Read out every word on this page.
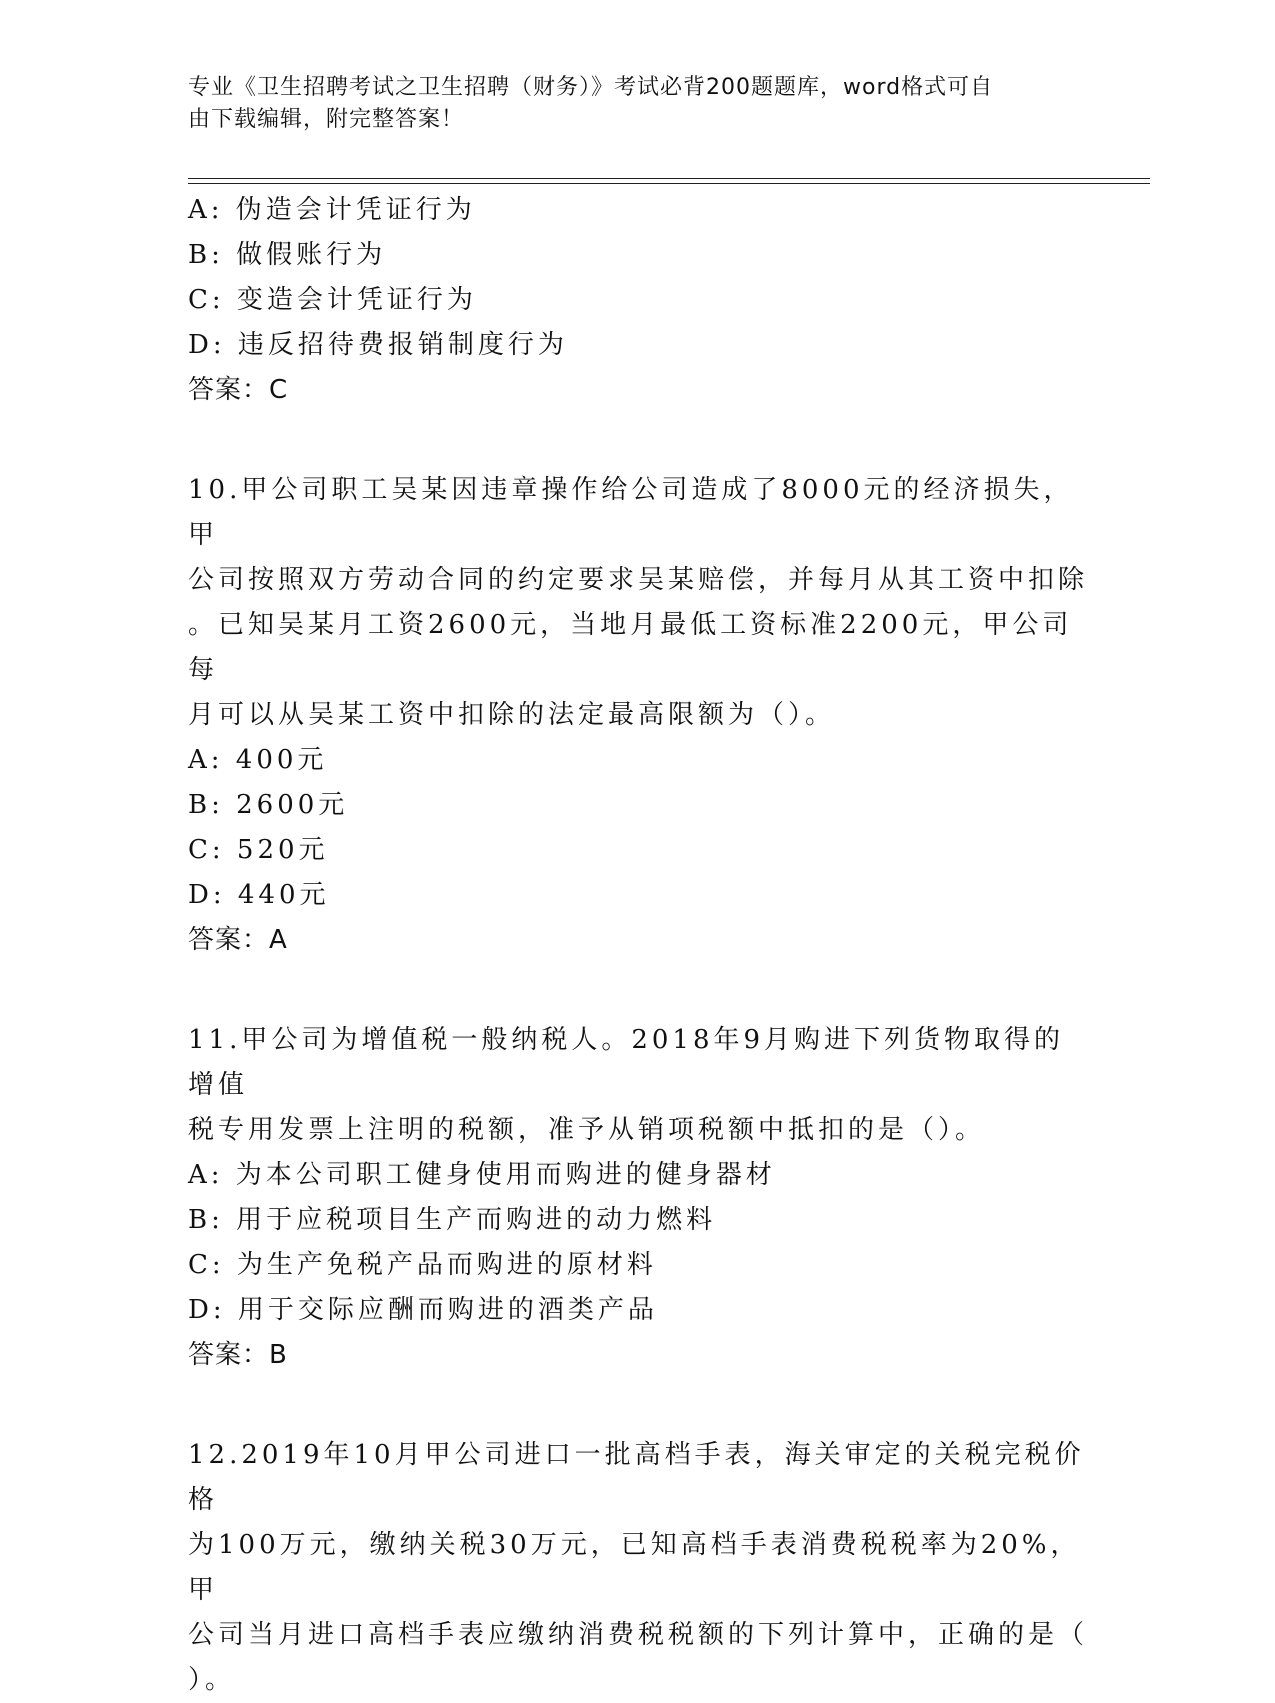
专业《卫生招聘考试之卫生招聘（财务）》考试必背200题题库，word格式可自
由下载编辑，附完整答案！
A: 伪造会计凭证行为
B: 做假账行为
C: 变造会计凭证行为
D: 违反招待费报销制度行为
答案：C
10.甲公司职工吴某因违章操作给公司造成了8000元的经济损失，甲
公司按照双方劳动合同的约定要求吴某赔偿，并每月从其工资中扣除
。已知吴某月工资2600元，当地月最低工资标准2200元，甲公司每
月可以从吴某工资中扣除的法定最高限额为（）。
A: 400元
B: 2600元
C: 520元
D: 440元
答案：A
11.甲公司为增值税一般纳税人。2018年9月购进下列货物取得的增值
税专用发票上注明的税额，准予从销项税额中抵扣的是（）。
A: 为本公司职工健身使用而购进的健身器材
B: 用于应税项目生产而购进的动力燃料
C: 为生产免税产品而购进的原材料
D: 用于交际应酬而购进的酒类产品
答案：B
12.2019年10月甲公司进口一批高档手表，海关审定的关税完税价格
为100万元，缴纳关税30万元，已知高档手表消费税税率为20%，甲
公司当月进口高档手表应缴纳消费税税额的下列计算中，正确的是（
）。
